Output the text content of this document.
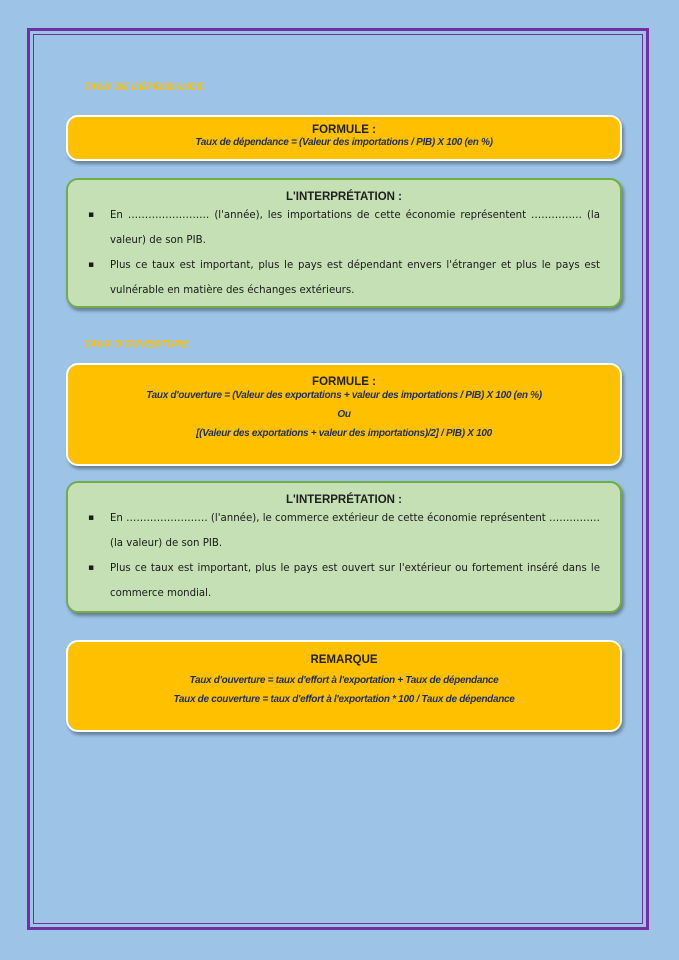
TAUX DE DÉPENDANCE
FORMULE :
Taux de dépendance = (Valeur des importations / PIB) X 100 (en %)
L'INTERPRÉTATION :
▪ En …………………… (l'année), les importations de cette économie représentent …………… (la valeur) de son PIB.
▪ Plus ce taux est important, plus le pays est dépendant envers l'étranger et plus le pays est vulnérable en matière des échanges extérieurs.
TAUX D'OUVERTURE
FORMULE :
Taux d'ouverture = (Valeur des exportations + valeur des importations / PIB) X 100 (en %)
Ou
[(Valeur des exportations + valeur des importations)/2] / PIB) X 100
L'INTERPRÉTATION :
▪ En …………………… (l'année), le commerce extérieur de cette économie représentent …………… (la valeur) de son PIB.
▪ Plus ce taux est important, plus le pays est ouvert sur l'extérieur ou fortement inséré dans le commerce mondial.
REMARQUE
Taux d'ouverture = taux d'effort à l'exportation + Taux de dépendance
Taux de couverture = taux d'effort à l'exportation * 100 / Taux de dépendance
